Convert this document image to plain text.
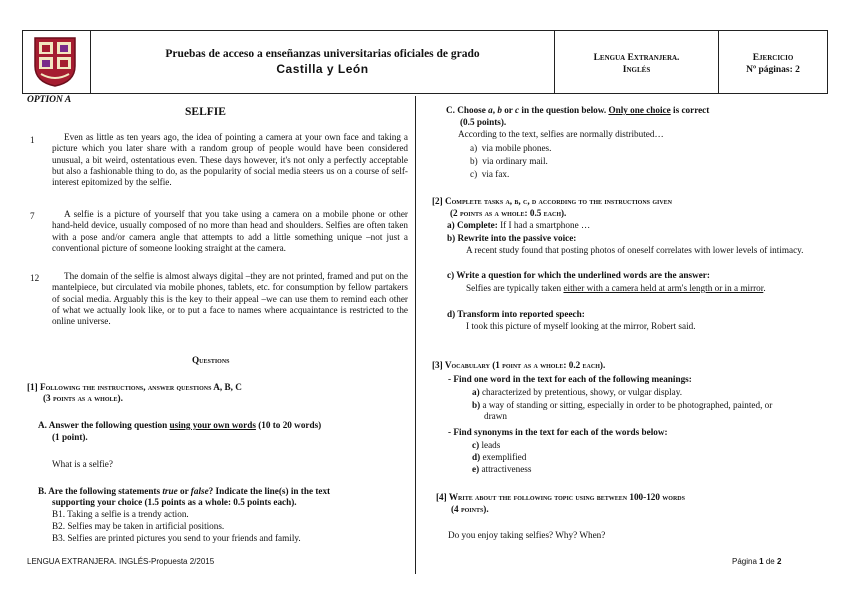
Pruebas de acceso a enseñanzas universitarias oficiales de grado
Castilla y León
Lengua Extranjera.
Inglés
Ejercicio
Nº páginas: 2
OPTION A
SELFIE
1	Even as little as ten years ago, the idea of pointing a camera at your own face and taking a picture which you later share with a random group of people would have been considered unusual, a bit weird, ostentatious even. These days however, it's not only a perfectly acceptable but also a fashionable thing to do, as the popularity of social media steers us on a course of self-interest epitomized by the selfie.
7	A selfie is a picture of yourself that you take using a camera on a mobile phone or other hand-held device, usually composed of no more than head and shoulders. Selfies are often taken with a pose and/or camera angle that attempts to add a little something unique –not just a conventional picture of someone looking straight at the camera.
12	The domain of the selfie is almost always digital –they are not printed, framed and put on the mantelpiece, but circulated via mobile phones, tablets, etc. for consumption by fellow partakers of social media. Arguably this is the key to their appeal –we can use them to remind each other of what we actually look like, or to put a face to names where acquaintance is restricted to the online universe.
Questions
[1] Following the instructions, answer questions A, B, C
(3 points as a whole).
A. Answer the following question using your own words (10 to 20 words)
(1 point).
What is a selfie?
B. Are the following statements true or false? Indicate the line(s) in the text
supporting your choice (1.5 points as a whole: 0.5 points each).
B1. Taking a selfie is a trendy action.
B2. Selfies may be taken in artificial positions.
B3. Selfies are printed pictures you send to your friends and family.
C. Choose a, b or c in the question below. Only one choice is correct
(0.5 points).
According to the text, selfies are normally distributed…
a) via mobile phones.
b) via ordinary mail.
c) via fax.
[2] Complete tasks a, b, c, d according to the instructions given
(2 points as a whole: 0.5 each).
a) Complete: If I had a smartphone …
b) Rewrite into the passive voice:
A recent study found that posting photos of oneself correlates with lower levels of intimacy.
c) Write a question for which the underlined words are the answer:
Selfies are typically taken either with a camera held at arm's length or in a mirror.
d) Transform into reported speech:
I took this picture of myself looking at the mirror, Robert said.
[3] Vocabulary (1 point as a whole: 0.2 each).
- Find one word in the text for each of the following meanings:
a) characterized by pretentious, showy, or vulgar display.
b) a way of standing or sitting, especially in order to be photographed, painted, or drawn
- Find synonyms in the text for each of the words below:
c) leads
d) exemplified
e) attractiveness
[4] Write about the following topic using between 100-120 words
(4 points).
Do you enjoy taking selfies? Why? When?
LENGUA EXTRANJERA. INGLÉS-Propuesta 2/2015	Página 1 de 2
